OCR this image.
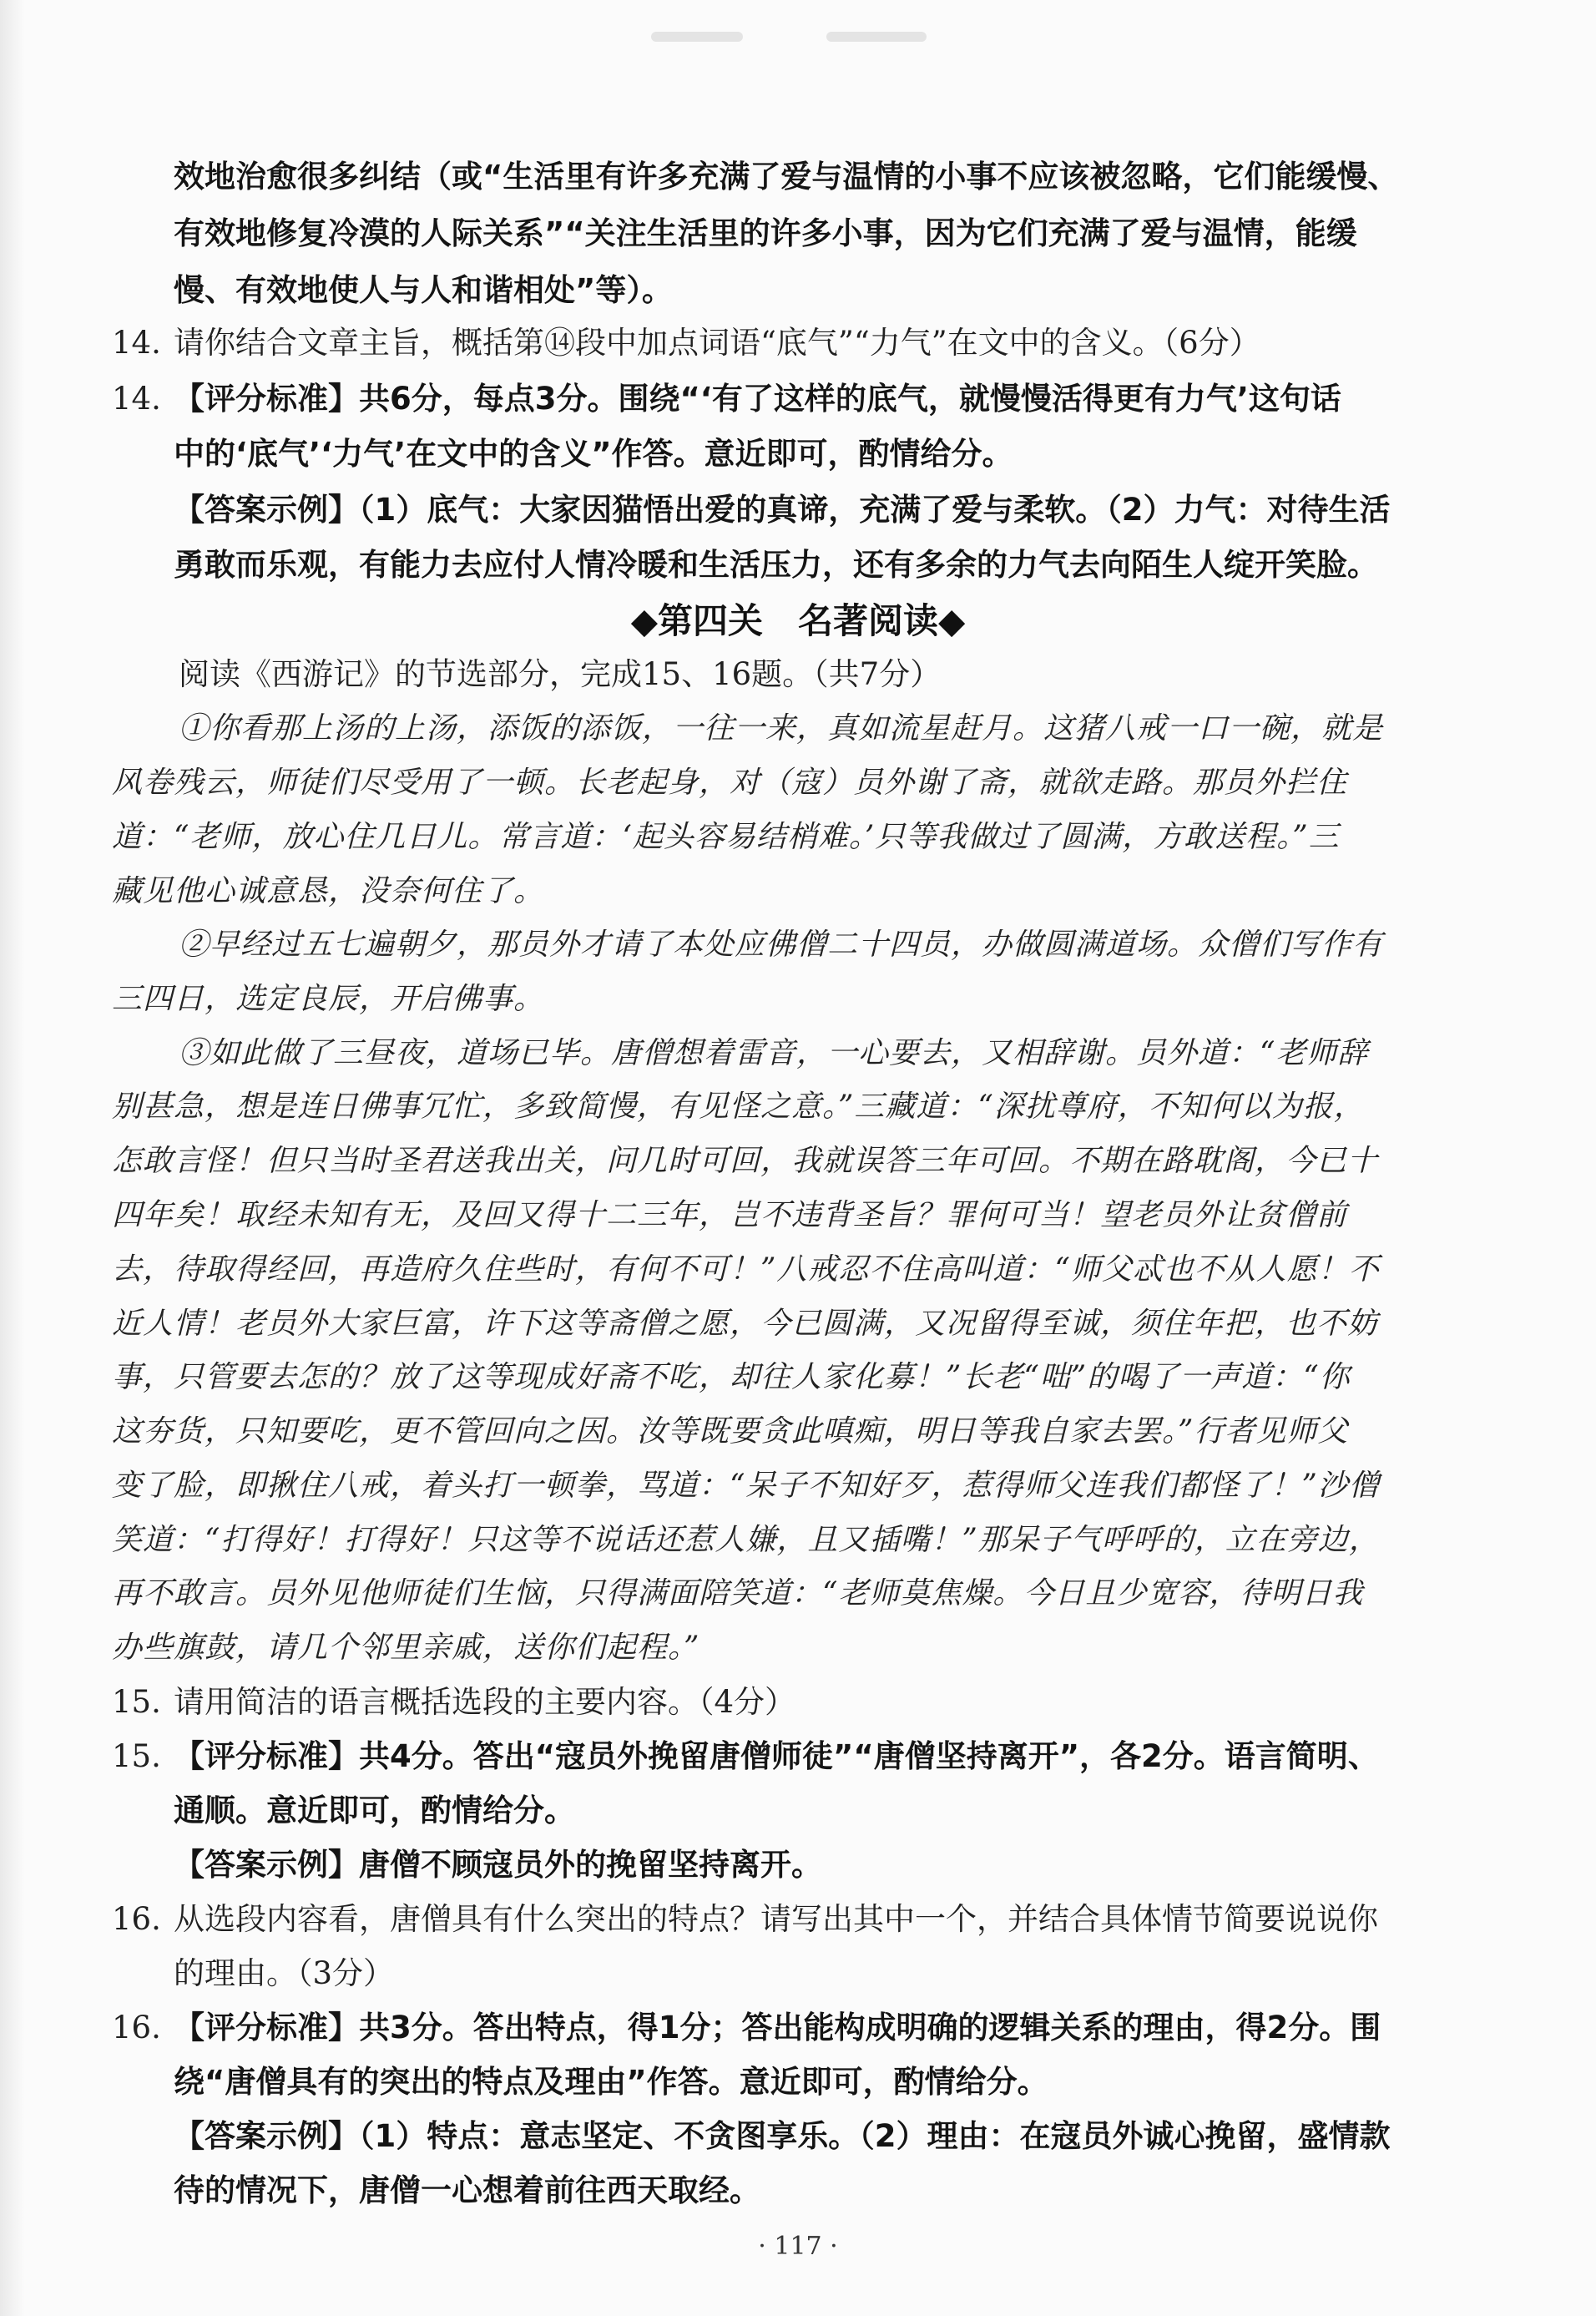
效地治愈很多纠结（或“生活里有许多充满了爱与温情的小事不应该被忽略，它们能缓慢、
有效地修复冷漠的人际关系”“关注生活里的许多小事，因为它们充满了爱与温情，能缓
慢、有效地使人与人和谐相处”等）。
14. 请你结合文章主旨，概括第⑭段中加点词语“底气”“力气”在文中的含义。（6分）
14. 【评分标准】共6分，每点3分。围绕“‘有了这样的底气，就慢慢活得更有力气’这句话
中的‘底气’‘力气’在文中的含义”作答。意近即可，酌情给分。
【答案示例】（1）底气：大家因猫悟出爱的真谛，充满了爱与柔软。（2）力气：对待生活
勇敢而乐观，有能力去应付人情冷暖和生活压力，还有多余的力气去向陌生人绽开笑脸。
◆第四关　名著阅读◆
阅读《西游记》的节选部分，完成15、16题。（共7分）
①你看那上汤的上汤，添饭的添饭，一往一来，真如流星赶月。这猪八戒一口一碗，就是
风卷残云，师徒们尽受用了一顿。长老起身，对（寇）员外谢了斋，就欲走路。那员外拦住
道：“老师，放心住几日儿。常言道：‘起头容易结梢难。’只等我做过了圆满，方敢送程。”三
藏见他心诚意恳，没奈何住了。
②早经过五七遍朝夕，那员外才请了本处应佛僧二十四员，办做圆满道场。众僧们写作有
三四日，选定良辰，开启佛事。
③如此做了三昼夜，道场已毕。唐僧想着雷音，一心要去，又相辞谢。员外道：“老师辞
别甚急，想是连日佛事冗忙，多致简慢，有见怪之意。”三藏道：“深扰尊府，不知何以为报，
怎敢言怪！但只当时圣君送我出关，问几时可回，我就误答三年可回。不期在路耽阁，今已十
四年矣！取经未知有无，及回又得十二三年，岂不违背圣旨？罪何可当！望老员外让贫僧前
去，待取得经回，再造府久住些时，有何不可！”八戒忍不住高叫道：“师父忒也不从人愿！不
近人情！老员外大家巨富，许下这等斋僧之愿，今已圆满，又况留得至诚，须住年把，也不妨
事，只管要去怎的？放了这等现成好斋不吃，却往人家化募！”长老“咄”的喝了一声道：“你
这夯货，只知要吃，更不管回向之因。汝等既要贪此嗔痴，明日等我自家去罢。”行者见师父
变了脸，即揪住八戒，着头打一顿拳，骂道：“呆子不知好歹，惹得师父连我们都怪了！”沙僧
笑道：“打得好！打得好！只这等不说话还惹人嫌，且又插嘴！”那呆子气呼呼的，立在旁边，
再不敢言。员外见他师徒们生恼，只得满面陪笑道：“老师莫焦燥。今日且少宽容，待明日我
办些旗鼓，请几个邻里亲戚，送你们起程。”
15. 请用简洁的语言概括选段的主要内容。（4分）
15. 【评分标准】共4分。答出“寇员外挽留唐僧师徒”“唐僧坚持离开”，各2分。语言简明、
通顺。意近即可，酌情给分。
【答案示例】唐僧不顾寇员外的挽留坚持离开。
16. 从选段内容看，唐僧具有什么突出的特点？请写出其中一个，并结合具体情节简要说说你
的理由。（3分）
16. 【评分标准】共3分。答出特点，得1分；答出能构成明确的逻辑关系的理由，得2分。围
绕“唐僧具有的突出的特点及理由”作答。意近即可，酌情给分。
【答案示例】（1）特点：意志坚定、不贪图享乐。（2）理由：在寇员外诚心挽留，盛情款
待的情况下，唐僧一心想着前往西天取经。
· 117 ·
